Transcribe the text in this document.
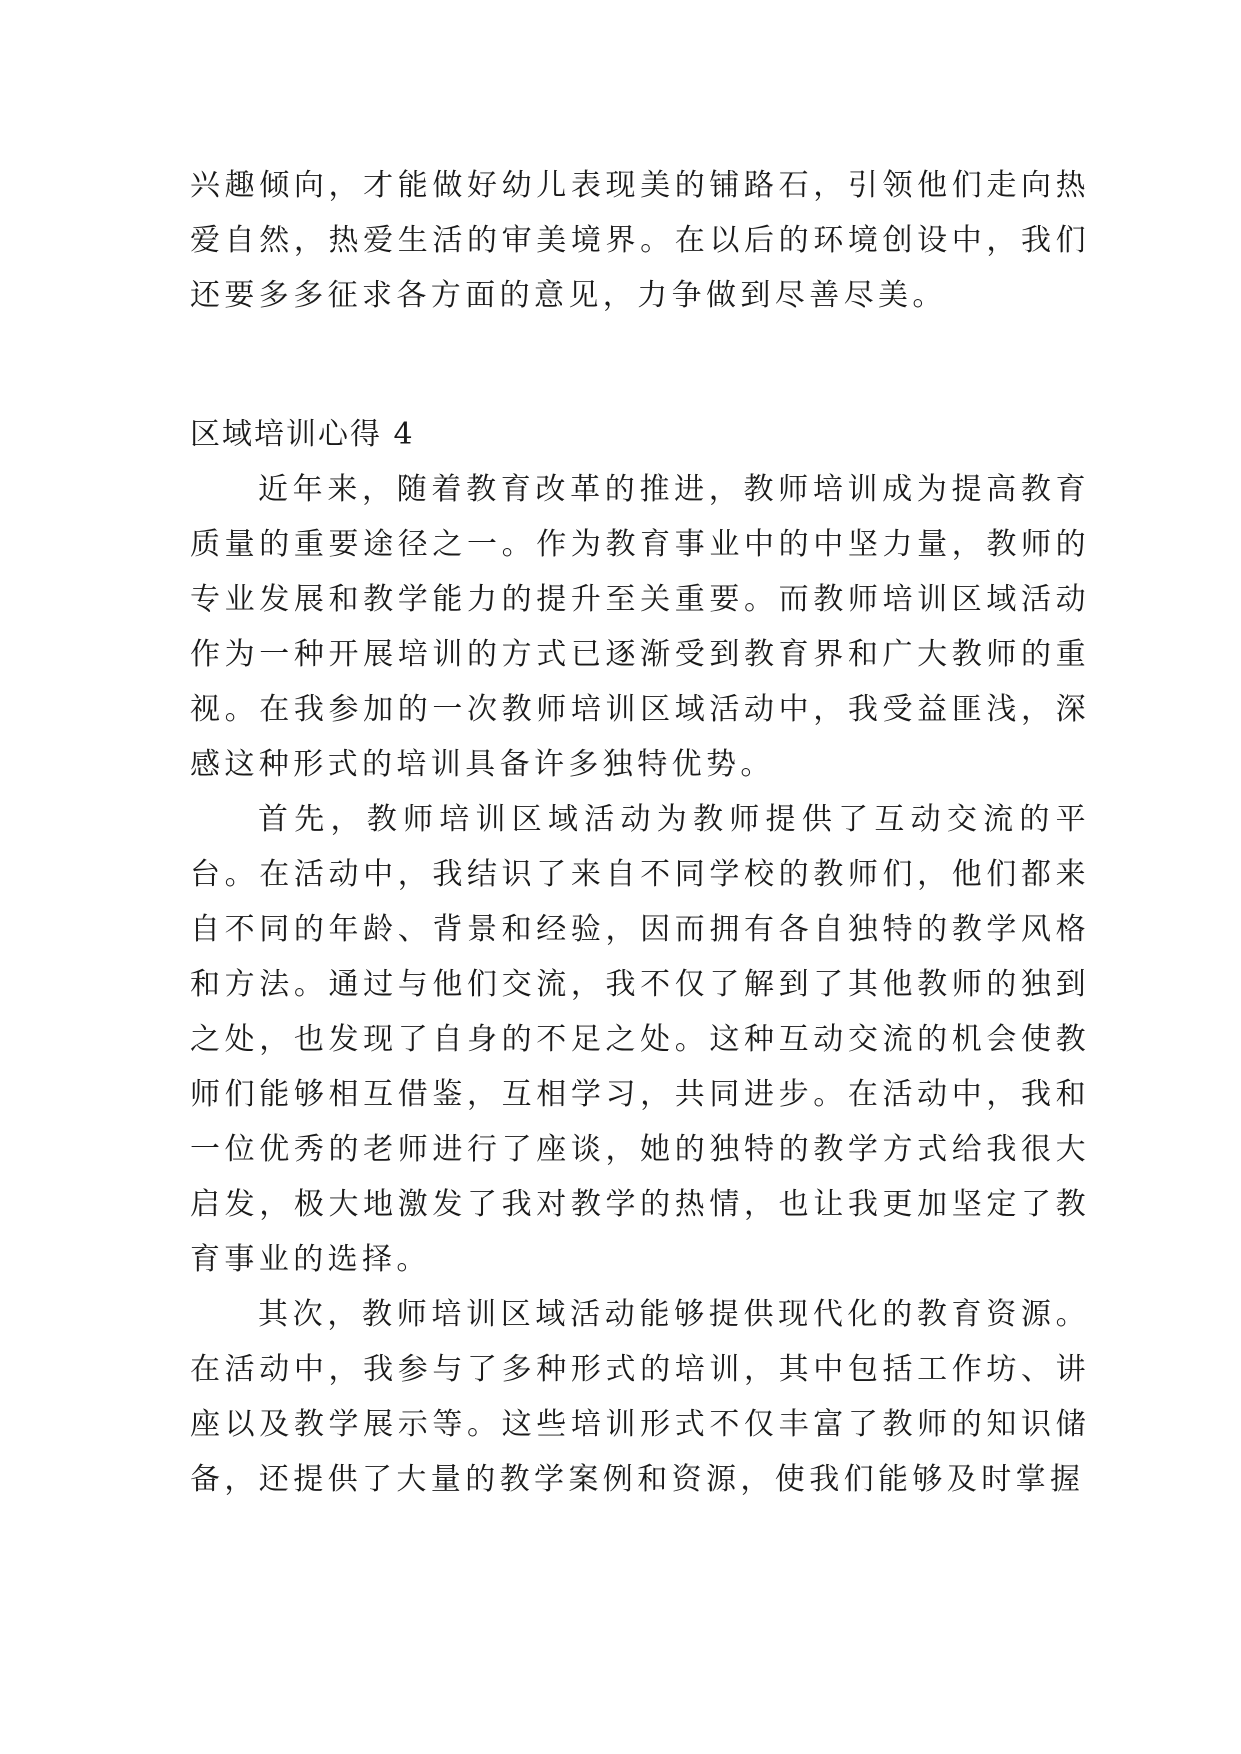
兴趣倾向，才能做好幼儿表现美的铺路石，引领他们走向热爱自然，热爱生活的审美境界。在以后的环境创设中，我们还要多多征求各方面的意见，力争做到尽善尽美。

区域培训心得 4

近年来，随着教育改革的推进，教师培训成为提高教育质量的重要途径之一。作为教育事业中的中坚力量，教师的专业发展和教学能力的提升至关重要。而教师培训区域活动作为一种开展培训的方式已逐渐受到教育界和广大教师的重视。在我参加的一次教师培训区域活动中，我受益匪浅，深感这种形式的培训具备许多独特优势。

首先，教师培训区域活动为教师提供了互动交流的平台。在活动中，我结识了来自不同学校的教师们，他们都来自不同的年龄、背景和经验，因而拥有各自独特的教学风格和方法。通过与他们交流，我不仅了解到了其他教师的独到之处，也发现了自身的不足之处。这种互动交流的机会使教师们能够相互借鉴，互相学习，共同进步。在活动中，我和一位优秀的老师进行了座谈，她的独特的教学方式给我很大启发，极大地激发了我对教学的热情，也让我更加坚定了教育事业的选择。

其次，教师培训区域活动能够提供现代化的教育资源。在活动中，我参与了多种形式的培训，其中包括工作坊、讲座以及教学展示等。这些培训形式不仅丰富了教师的知识储备，还提供了大量的教学案例和资源，使我们能够及时掌握
